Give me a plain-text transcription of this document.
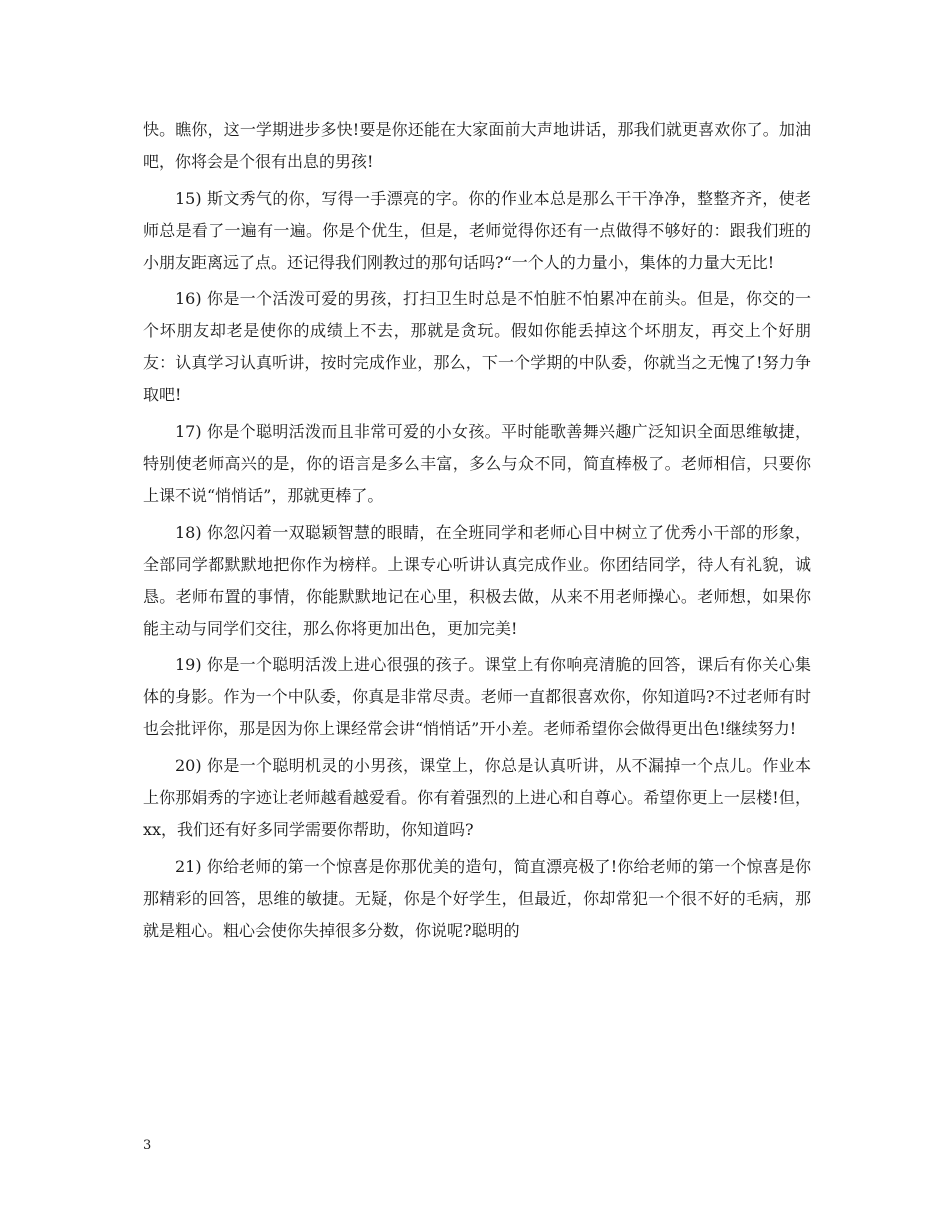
快。瞧你，这一学期进步多快!要是你还能在大家面前大声地讲话，那我们就更喜欢你了。加油吧，你将会是个很有出息的男孩!

15) 斯文秀气的你，写得一手漂亮的字。你的作业本总是那么干干净净，整整齐齐，使老师总是看了一遍有一遍。你是个优生，但是，老师觉得你还有一点做得不够好的：跟我们班的小朋友距离远了点。还记得我们刚教过的那句话吗?“一个人的力量小，集体的力量大无比!

16) 你是一个活泼可爱的男孩，打扫卫生时总是不怕脏不怕累冲在前头。但是，你交的一个坏朋友却老是使你的成绩上不去，那就是贪玩。假如你能丢掉这个坏朋友，再交上个好朋友：认真学习认真听讲，按时完成作业，那么，下一个学期的中队委，你就当之无愧了!努力争取吧!

17) 你是个聪明活泼而且非常可爱的小女孩。平时能歌善舞兴趣广泛知识全面思维敏捷，特别使老师高兴的是，你的语言是多么丰富，多么与众不同，简直棒极了。老师相信，只要你上课不说“悄悄话”，那就更棒了。

18) 你忽闪着一双聪颖智慧的眼睛，在全班同学和老师心目中树立了优秀小干部的形象，全部同学都默默地把你作为榜样。上课专心听讲认真完成作业。你团结同学，待人有礼貌，诚恳。老师布置的事情，你能默默地记在心里，积极去做，从来不用老师操心。老师想，如果你能主动与同学们交往，那么你将更加出色，更加完美!

19) 你是一个聪明活泼上进心很强的孩子。课堂上有你响亮清脆的回答，课后有你关心集体的身影。作为一个中队委，你真是非常尽责。老师一直都很喜欢你，你知道吗?不过老师有时也会批评你，那是因为你上课经常会讲“悄悄话”开小差。老师希望你会做得更出色!继续努力!

20) 你是一个聪明机灵的小男孩，课堂上，你总是认真听讲，从不漏掉一个点儿。作业本上你那娟秀的字迹让老师越看越爱看。你有着强烈的上进心和自尊心。希望你更上一层楼!但，xx，我们还有好多同学需要你帮助，你知道吗?

21) 你给老师的第一个惊喜是你那优美的造句，简直漂亮极了!你给老师的第一个惊喜是你那精彩的回答，思维的敏捷。无疑，你是个好学生，但最近，你却常犯一个很不好的毛病，那就是粗心。粗心会使你失掉很多分数，你说呢?聪明的

3
